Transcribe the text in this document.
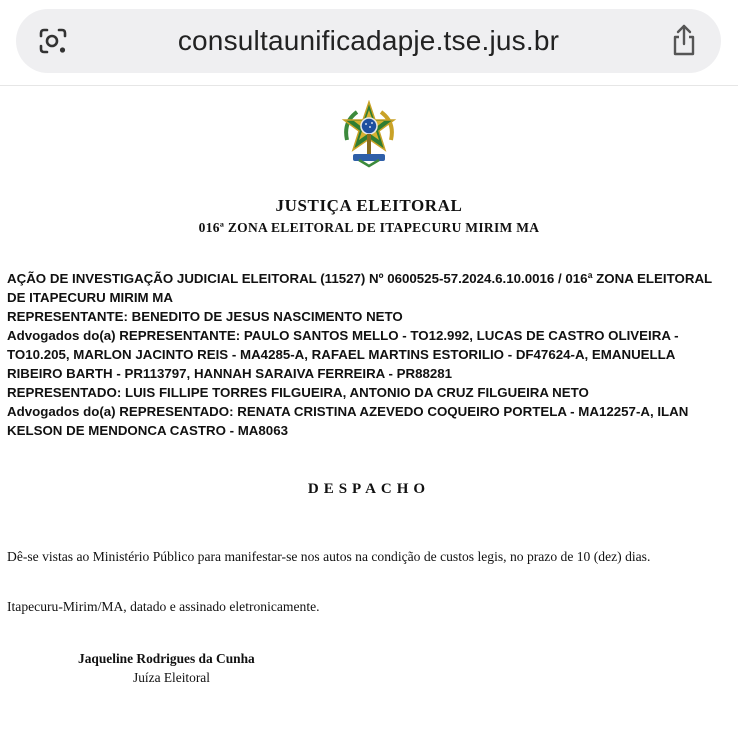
consultaunificadapje.tse.jus.br
JUSTIÇA ELEITORAL
016ª ZONA ELEITORAL DE ITAPECURU MIRIM MA

AÇÃO DE INVESTIGAÇÃO JUDICIAL ELEITORAL (11527) Nº 0600525-57.2024.6.10.0016 / 016ª ZONA ELEITORAL DE ITAPECURU MIRIM MA

REPRESENTANTE: BENEDITO DE JESUS NASCIMENTO NETO

Advogados do(a) REPRESENTANTE: PAULO SANTOS MELLO - TO12.992, LUCAS DE CASTRO OLIVEIRA - TO10.205, MARLON JACINTO REIS - MA4285-A, RAFAEL MARTINS ESTORILIO - DF47624-A, EMANUELLA RIBEIRO BARTH - PR113797, HANNAH SARAIVA FERREIRA - PR88281

REPRESENTADO: LUIS FILLIPE TORRES FILGUEIRA, ANTONIO DA CRUZ FILGUEIRA NETO

Advogados do(a) REPRESENTADO: RENATA CRISTINA AZEVEDO COQUEIRO PORTELA - MA12257-A, ILAN KELSON DE MENDONCA CASTRO - MA8063

DESPACHO
Dê-se vistas ao Ministério Público para manifestar-se nos autos na condição de custos legis, no prazo de 10 (dez) dias.
Itapecuru-Mirim/MA, datado e assinado eletronicamente.
Jaqueline Rodrigues da Cunha
Juíza Eleitoral
